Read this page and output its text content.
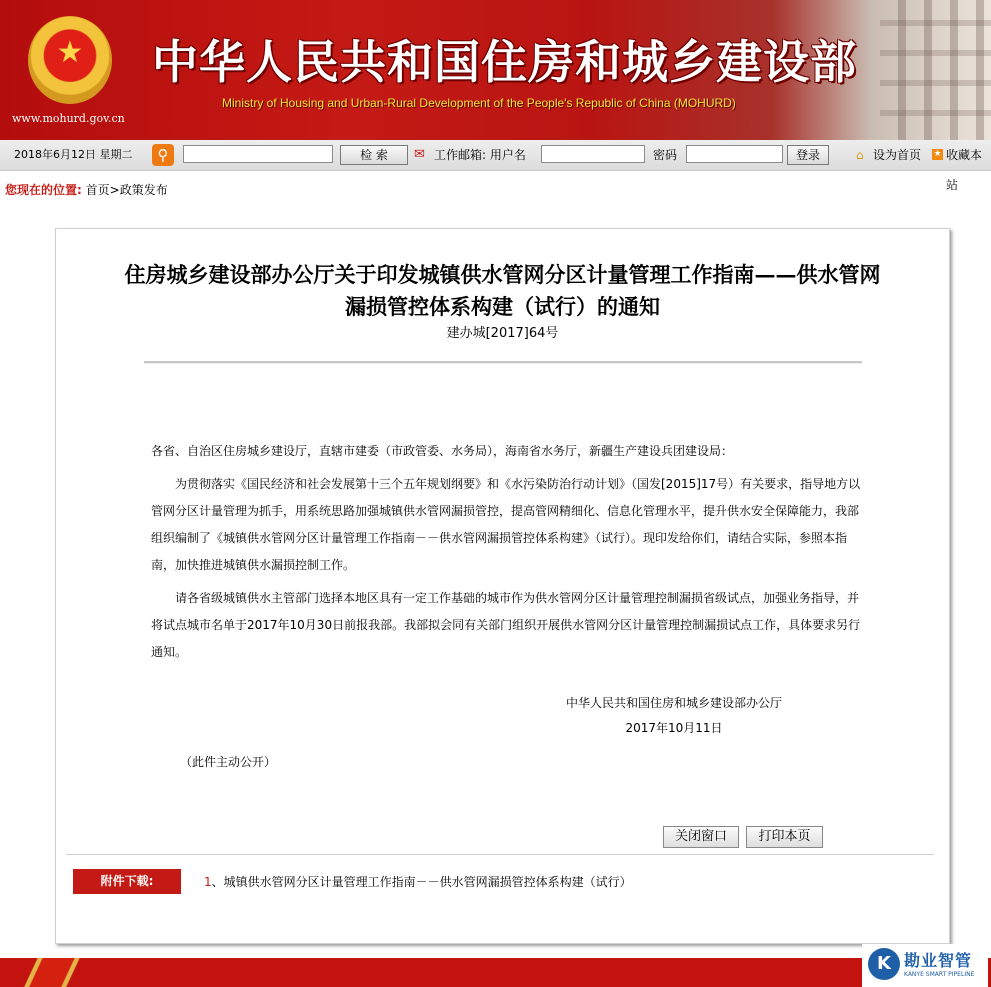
★
www.mohurd.gov.cn
中华人民共和国住房和城乡建设部
Ministry of Housing and Urban-Rural Development of the People's Republic of China (MOHURD)
2018年6月12日 星期二	⚲	检 索	✉ 工作邮箱: 用户名	密码	登录	⌂ 设为首页 ★ 收藏本站
您现在的位置: 首页>政策发布
住房城乡建设部办公厅关于印发城镇供水管网分区计量管理工作指南——供水管网
漏损管控体系构建（试行）的通知
建办城[2017]64号

各省、自治区住房城乡建设厅，直辖市建委（市政管委、水务局），海南省水务厅，新疆生产建设兵团建设局：

为贯彻落实《国民经济和社会发展第十三个五年规划纲要》和《水污染防治行动计划》（国发[2015]17号）有关要求，指导地方以管网分区计量管理为抓手，用系统思路加强城镇供水管网漏损管控，提高管网精细化、信息化管理水平，提升供水安全保障能力，我部组织编制了《城镇供水管网分区计量管理工作指南－－供水管网漏损管控体系构建》（试行）。现印发给你们，请结合实际，参照本指南，加快推进城镇供水漏损控制工作。

请各省级城镇供水主管部门选择本地区具有一定工作基础的城市作为供水管网分区计量管理控制漏损省级试点，加强业务指导，并将试点城市名单于2017年10月30日前报我部。我部拟会同有关部门组织开展供水管网分区计量管理控制漏损试点工作，具体要求另行通知。

中华人民共和国住房和城乡建设部办公厅
2017年10月11日
（此件主动公开）
关闭窗口	打印本页
附件下载:	1、城镇供水管网分区计量管理工作指南－－供水管网漏损管控体系构建（试行）
K 勘业智管
KANYE SMART PIPELINE
